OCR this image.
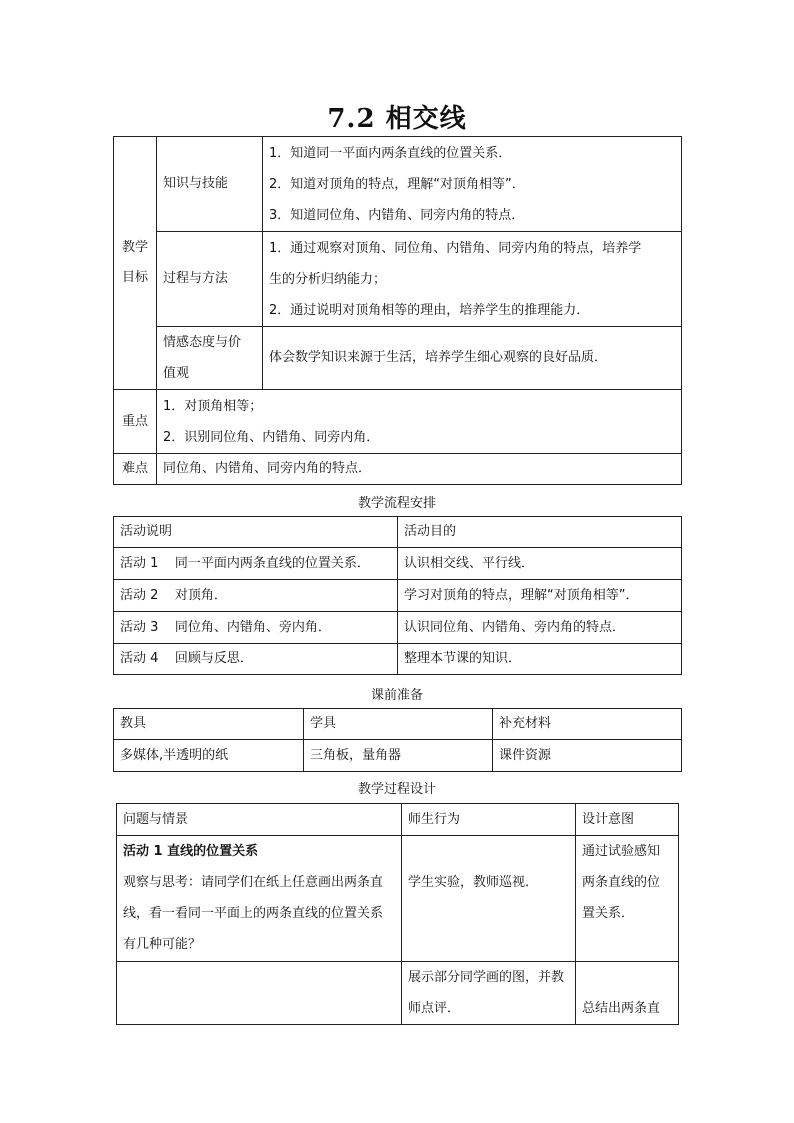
7.2 相交线
教学目标	知识与技能	1．知道同一平面内两条直线的位置关系．
2．知道对顶角的特点，理解“对顶角相等”．
3．知道同位角、内错角、同旁内角的特点．

	过程与方法	1．通过观察对顶角、同位角、内错角、同旁内角的特点，培养学
生的分析归纳能力；
2．通过说明对顶角相等的理由，培养学生的推理能力．

	情感态度与价
值观	体会数学知识来源于生活，培养学生细心观察的良好品质．
重点	1．对顶角相等；
2．识别同位角、内错角、同旁内角．

难点	同位角、内错角、同旁内角的特点．
教学流程安排
活动说明	活动目的
活动 1    同一平面内两条直线的位置关系．	认识相交线、平行线．
活动 2    对顶角．	学习对顶角的特点，理解“对顶角相等”．
活动 3    同位角、内错角、旁内角．	认识同位角、内错角、旁内角的特点．
活动 4    回顾与反思．	整理本节课的知识．
课前准备
教具	学具	补充材料
多媒体,半透明的纸	三角板，量角器	课件资源
教学过程设计
问题与情景	师生行为	设计意图

活动 1 直线的位置关系
观察与思考：请同学们在纸上任意画出两条直
线，看一看同一平面上的两条直线的位置关系
有几种可能？	学生实验，教师巡视．	通过试验感知
两条直线的位
置关系．

	展示部分同学画的图，并教
师点评．	总结出两条直
